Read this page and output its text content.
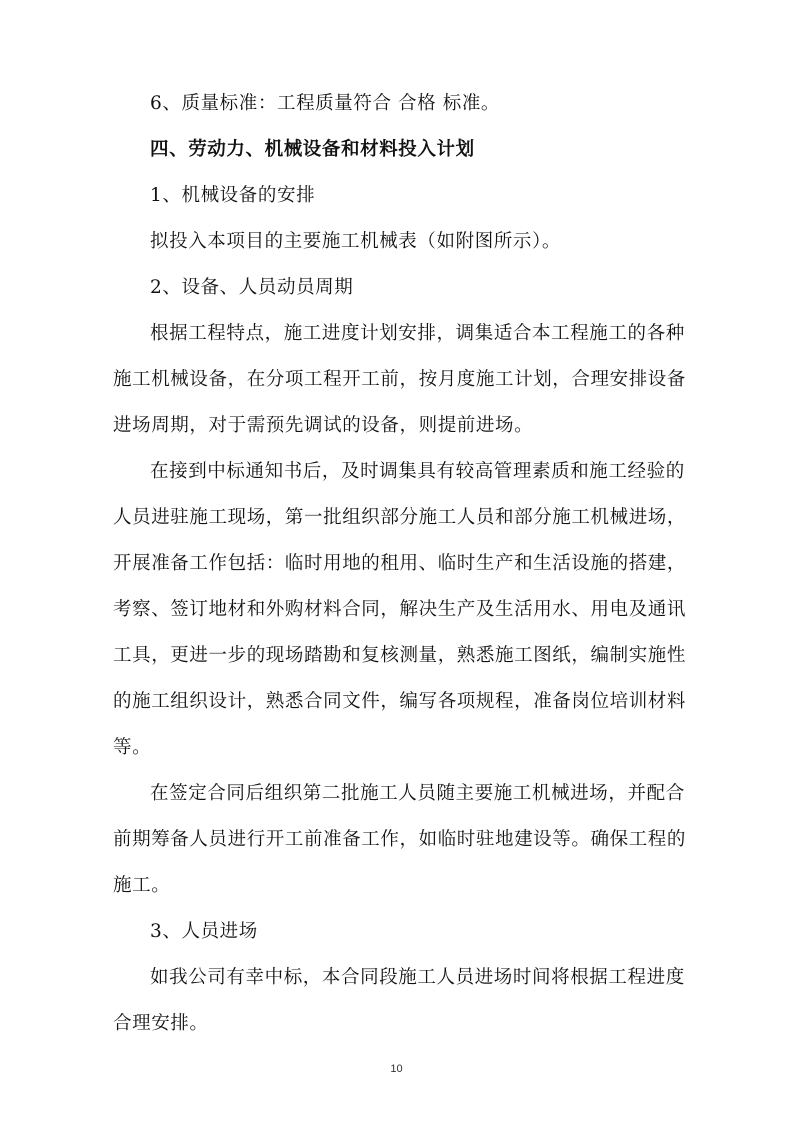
6、质量标准：工程质量符合 合格 标准。
四、劳动力、机械设备和材料投入计划
1、机械设备的安排
拟投入本项目的主要施工机械表（如附图所示）。
2、设备、人员动员周期
根据工程特点，施工进度计划安排，调集适合本工程施工的各种
施工机械设备，在分项工程开工前，按月度施工计划，合理安排设备
进场周期，对于需预先调试的设备，则提前进场。
在接到中标通知书后，及时调集具有较高管理素质和施工经验的
人员进驻施工现场，第一批组织部分施工人员和部分施工机械进场，
开展准备工作包括：临时用地的租用、临时生产和生活设施的搭建，
考察、签订地材和外购材料合同，解决生产及生活用水、用电及通讯
工具，更进一步的现场踏勘和复核测量，熟悉施工图纸，编制实施性
的施工组织设计，熟悉合同文件，编写各项规程，准备岗位培训材料
等。
在签定合同后组织第二批施工人员随主要施工机械进场，并配合
前期筹备人员进行开工前准备工作，如临时驻地建设等。确保工程的
施工。
3、人员进场
如我公司有幸中标，本合同段施工人员进场时间将根据工程进度
合理安排。
10
